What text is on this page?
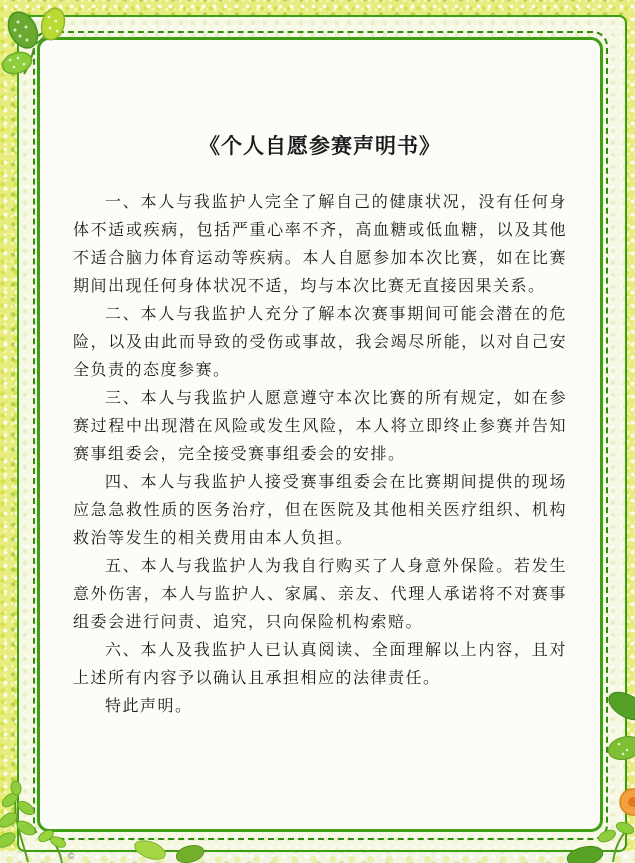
《个人自愿参赛声明书》

一、本人与我监护人完全了解自己的健康状况，没有任何身体不适或疾病，包括严重心率不齐，高血糖或低血糖，以及其他不适合脑力体育运动等疾病。本人自愿参加本次比赛，如在比赛期间出现任何身体状况不适，均与本次比赛无直接因果关系。

二、本人与我监护人充分了解本次赛事期间可能会潜在的危险，以及由此而导致的受伤或事故，我会竭尽所能，以对自己安全负责的态度参赛。

三、本人与我监护人愿意遵守本次比赛的所有规定，如在参赛过程中出现潜在风险或发生风险，本人将立即终止参赛并告知赛事组委会，完全接受赛事组委会的安排。

四、本人与我监护人接受赛事组委会在比赛期间提供的现场应急急救性质的医务治疗，但在医院及其他相关医疗组织、机构救治等发生的相关费用由本人负担。

五、本人与我监护人为我自行购买了人身意外保险。若发生意外伤害，本人与监护人、家属、亲友、代理人承诺将不对赛事组委会进行问责、追究，只向保险机构索赔。

六、本人及我监护人已认真阅读、全面理解以上内容，且对上述所有内容予以确认且承担相应的法律责任。

特此声明。

©
